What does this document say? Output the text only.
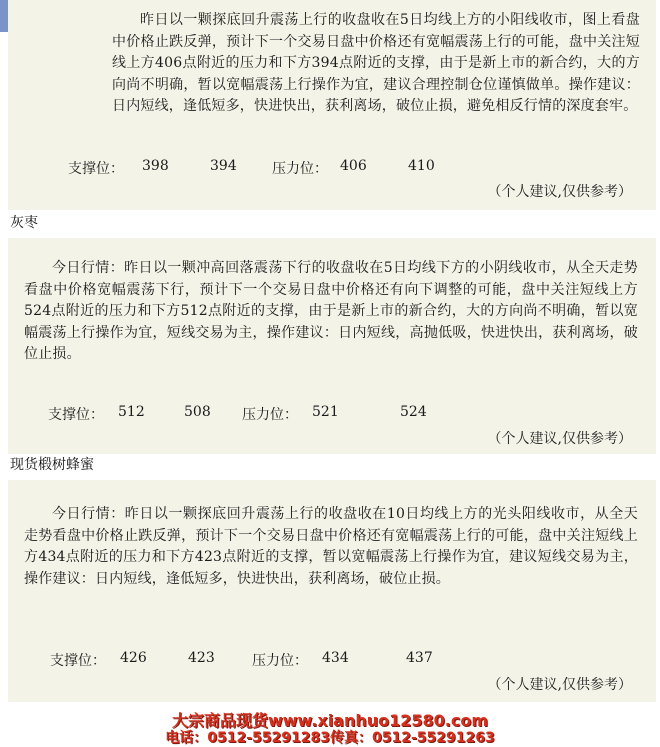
昨日以一颗探底回升震荡上行的收盘收在5日均线上方的小阳线收市，图上看盘中价格止跌反弹，预计下一个交易日盘中价格还有宽幅震荡上行的可能，盘中关注短线上方406点附近的压力和下方394点附近的支撑，由于是新上市的新合约，大的方向尚不明确，暂以宽幅震荡上行操作为宜，建议合理控制仓位谨慎做单。操作建议：日内短线，逢低短多，快进快出，获利离场，破位止损，避免相反行情的深度套牢。

支撑位： 398	394	压力位： 406	410
（个人建议,仅供参考）
灰枣

今日行情：昨日以一颗冲高回落震荡下行的收盘收在5日均线下方的小阴线收市，从全天走势看盘中价格宽幅震荡下行，预计下一个交易日盘中价格还有向下调整的可能，盘中关注短线上方524点附近的压力和下方512点附近的支撑，由于是新上市的新合约，大的方向尚不明确，暂以宽幅震荡上行操作为宜，短线交易为主，操作建议：日内短线，高抛低吸，快进快出，获利离场，破位止损。

支撑位： 512	508 压力位： 521	524
（个人建议,仅供参考）
现货椴树蜂蜜

今日行情：昨日以一颗探底回升震荡上行的收盘收在10日均线上方的光头阳线收市，从全天走势看盘中价格止跌反弹，预计下一个交易日盘中价格还有宽幅震荡上行的可能，盘中关注短线上方434点附近的压力和下方423点附近的支撑，暂以宽幅震荡上行操作为宜，建议短线交易为主，操作建议：日内短线，逢低短多，快进快出，获利离场，破位止损。

支撑位： 426	423	压力位： 434	437
（个人建议,仅供参考）
大宗商品现货www.xianhuo12580.com
电话：0512-55291283传真：0512-55291263
